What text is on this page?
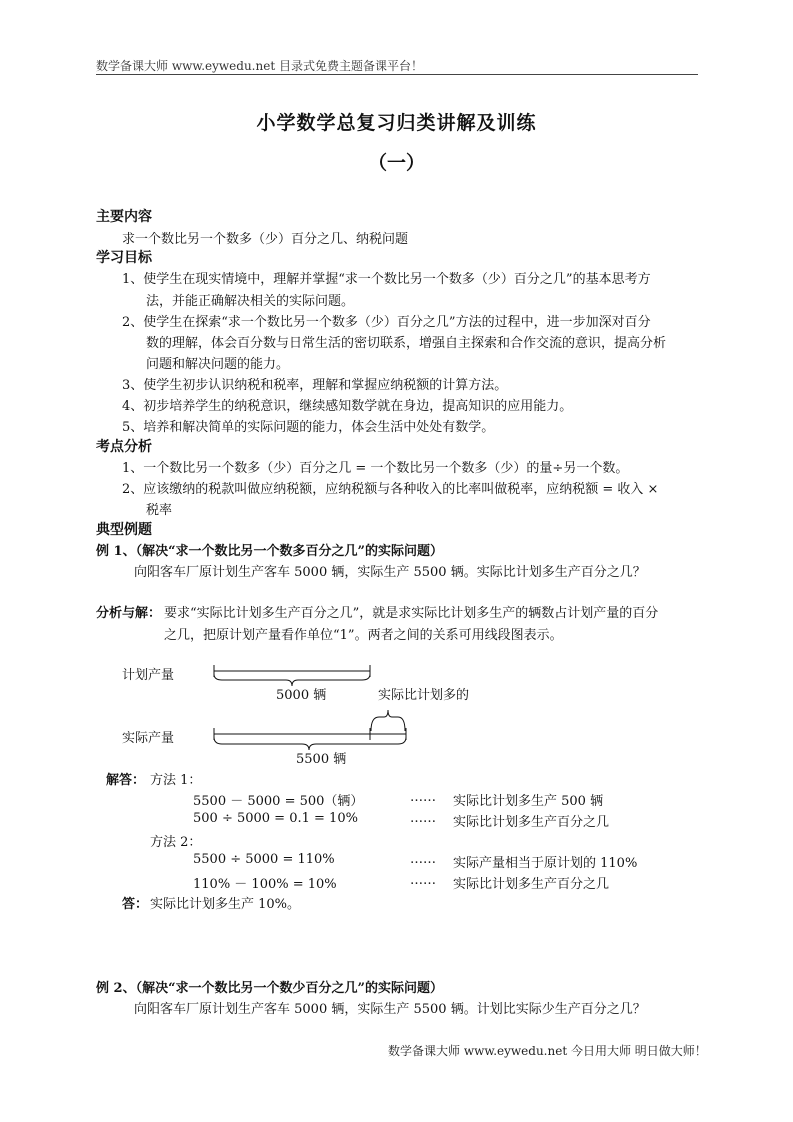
数学备课大师 www.eywedu.net 目录式免费主题备课平台！
小学数学总复习归类讲解及训练
（一）
主要内容
求一个数比另一个数多（少）百分之几、纳税问题
学习目标
1、使学生在现实情境中，理解并掌握“求一个数比另一个数多（少）百分之几”的基本思考方
法，并能正确解决相关的实际问题。
2、使学生在探索“求一个数比另一个数多（少）百分之几”方法的过程中，进一步加深对百分
数的理解，体会百分数与日常生活的密切联系，增强自主探索和合作交流的意识，提高分析
问题和解决问题的能力。
3、使学生初步认识纳税和税率，理解和掌握应纳税额的计算方法。
4、初步培养学生的纳税意识，继续感知数学就在身边，提高知识的应用能力。
5、培养和解决简单的实际问题的能力，体会生活中处处有数学。
考点分析
1、一个数比另一个数多（少）百分之几 = 一个数比另一个数多（少）的量÷另一个数。
2、应该缴纳的税款叫做应纳税额，应纳税额与各种收入的比率叫做税率，应纳税额 = 收入 ×
税率
典型例题
例 1、（解决“求一个数比另一个数多百分之几”的实际问题）
向阳客车厂原计划生产客车 5000 辆，实际生产 5500 辆。实际比计划多生产百分之几？
分析与解： 要求“实际比计划多生产百分之几”，就是求实际比计划多生产的辆数占计划产量的百分
之几，把原计划产量看作单位“1”。两者之间的关系可用线段图表示。
计划产量
5000 辆	实际比计划多的
实际产量
5500 辆
解答： 方法 1：
5500 － 5000 = 500（辆）	…… 实际比计划多生产 500 辆
500 ÷ 5000 = 0.1 = 10%	…… 实际比计划多生产百分之几
方法 2：
5500 ÷ 5000 = 110%	…… 实际产量相当于原计划的 110%
110% － 100% = 10%	…… 实际比计划多生产百分之几
答： 实际比计划多生产 10%。
例 2、（解决“求一个数比另一个数少百分之几”的实际问题）
向阳客车厂原计划生产客车 5000 辆，实际生产 5500 辆。计划比实际少生产百分之几？
数学备课大师 www.eywedu.net 今日用大师 明日做大师！
